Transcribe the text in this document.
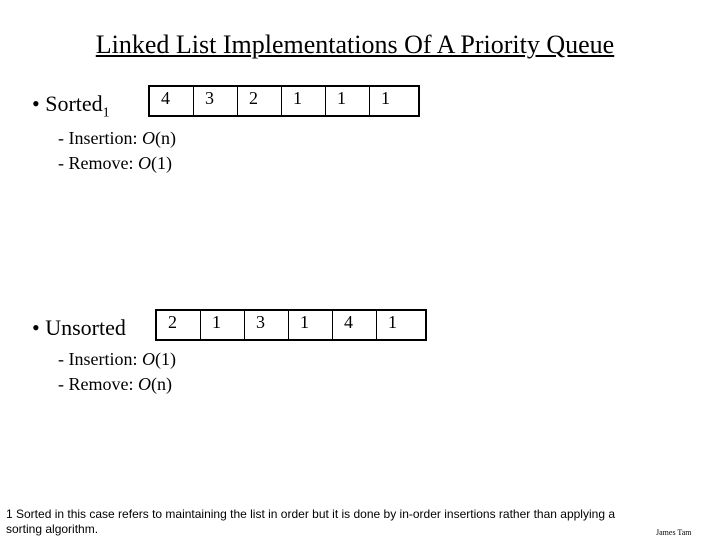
Linked List Implementations Of A Priority Queue
• Sorted$_1$
4 3 2 1 1 1
- Insertion: O(n)
- Remove: O(1)
• Unsorted 2 1 3 1 4 1
- Insertion: O(1)
- Remove: O(n)
1 Sorted in this case refers to maintaining the list in order but it is done by in-order insertions rather than applying a sorting algorithm.	James Tam
